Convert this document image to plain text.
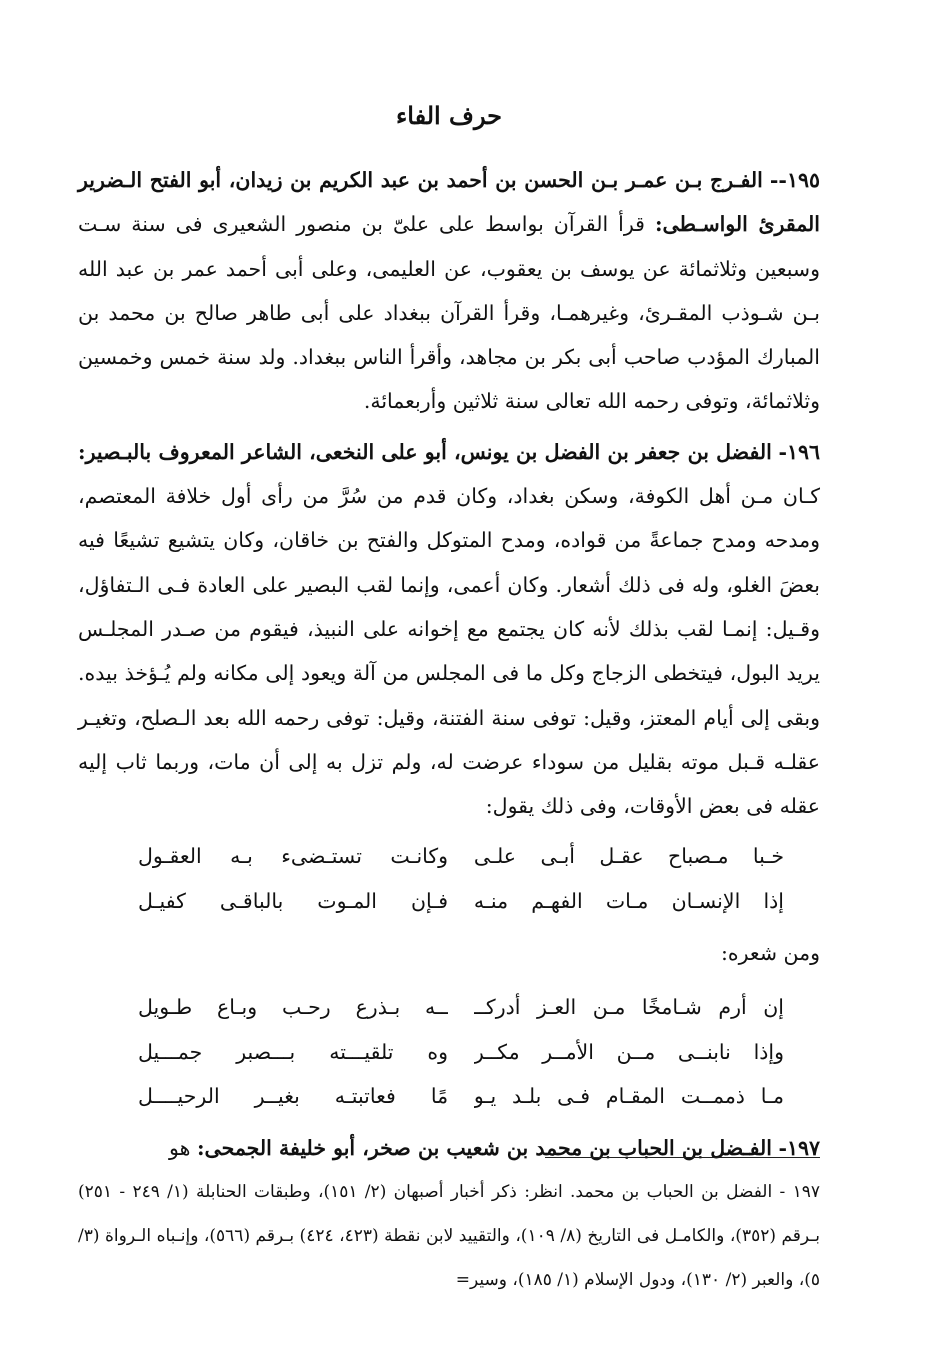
حرف الفاء

١٩٥-- الفـرج بـن عمـر بـن الحسن بن أحمد بن عبد الكريم بن زيدان، أبو الفتح الـضرير المقرئ الواسـطى: قرأ القرآن بواسط على علىّ بن منصور الشعيرى فى سنة سـت وسبعين وثلاثمائة عن يوسف بن يعقوب، عن العليمى، وعلى أبى أحمد عمر بن عبد الله بـن شـوذب المقـرئ، وغيرهمـا، وقرأ القرآن ببغداد على أبى طاهر صالح بن محمد بن المبارك المؤدب صاحب أبى بكر بن مجاهد، وأقرأ الناس ببغداد. ولد سنة خمس وخمسين وثلاثمائة، وتوفى رحمه الله تعالى سنة ثلاثين وأربعمائة.

١٩٦- الفضل بن جعفر بن الفضل بن يونس، أبو على النخعى، الشاعر المعروف بالبـصير: كـان مـن أهل الكوفة، وسكن بغداد، وكان قدم من سُرَّ من رأى أول خلافة المعتصم، ومدحه ومدح جماعةً من قواده، ومدح المتوكل والفتح بن خاقان، وكان يتشيع تشيعًا فيه بعضَ الغلو، وله فى ذلك أشعار. وكان أعمى، وإنما لقب البصير على العادة فـى الـتفاؤل، وقـيل: إنمـا لقب بذلك لأنه كان يجتمع مع إخوانه على النبيذ، فيقوم من صـدر المجلـس يريد البول، فيتخطى الزجاج وكل ما فى المجلس من آلة ويعود إلى مكانه ولم يُـؤخذ بيده. وبقى إلى أيام المعتز، وقيل: توفى سنة الفتنة، وقيل: توفى رحمه الله بعد الـصلح، وتغيـر عقلـه قـبل موته بقليل من سوداء عرضت له، ولم تزل به إلى أن مات، وربما ثاب إليه عقله فى بعض الأوقات، وفى ذلك يقول:

خـبا مـصباح عقـل أبـى علـى
وكانـت تستـضىء بـه العقـول
إذا الإنسـان مـات الفهـم منـه
فـإن المـوت بالباقـى كفيـل
ومن شعره:
إن أرم شـامخًا مـن العـز أدركــ
ــه بـذرع رحـب وبـاع طـويل
وإذا نابنــى مــن الأمــر مكــر
وه تلقيـــته بـــصبر جمـــيل
مـا ذممــت المقـام فـى بلـد يـو
مًا فعاتبتـه بغيــر الرحيــــل

١٩٧- الفـضل بن الحباب بن محمد بن شعيب بن صخر، أبو خليفة الجمحى: هو

١٩٧ - الفضل بن الحباب بن محمد. انظر: ذكر أخبار أصبهان (٢/ ١٥١)، وطبقات الحنابلة (١/ ٢٤٩ - ٢٥١) بـرقم (٣٥٢)، والكامـل فى التاريخ (٨/ ١٠٩)، والتقييد لابن نقطة (٤٢٣، ٤٢٤) بـرقم (٥٦٦)، وإنـباه الـرواة (٣/ ٥)، والعبر (٢/ ١٣٠)، ودول الإسلام (١/ ١٨٥)، وسير=
